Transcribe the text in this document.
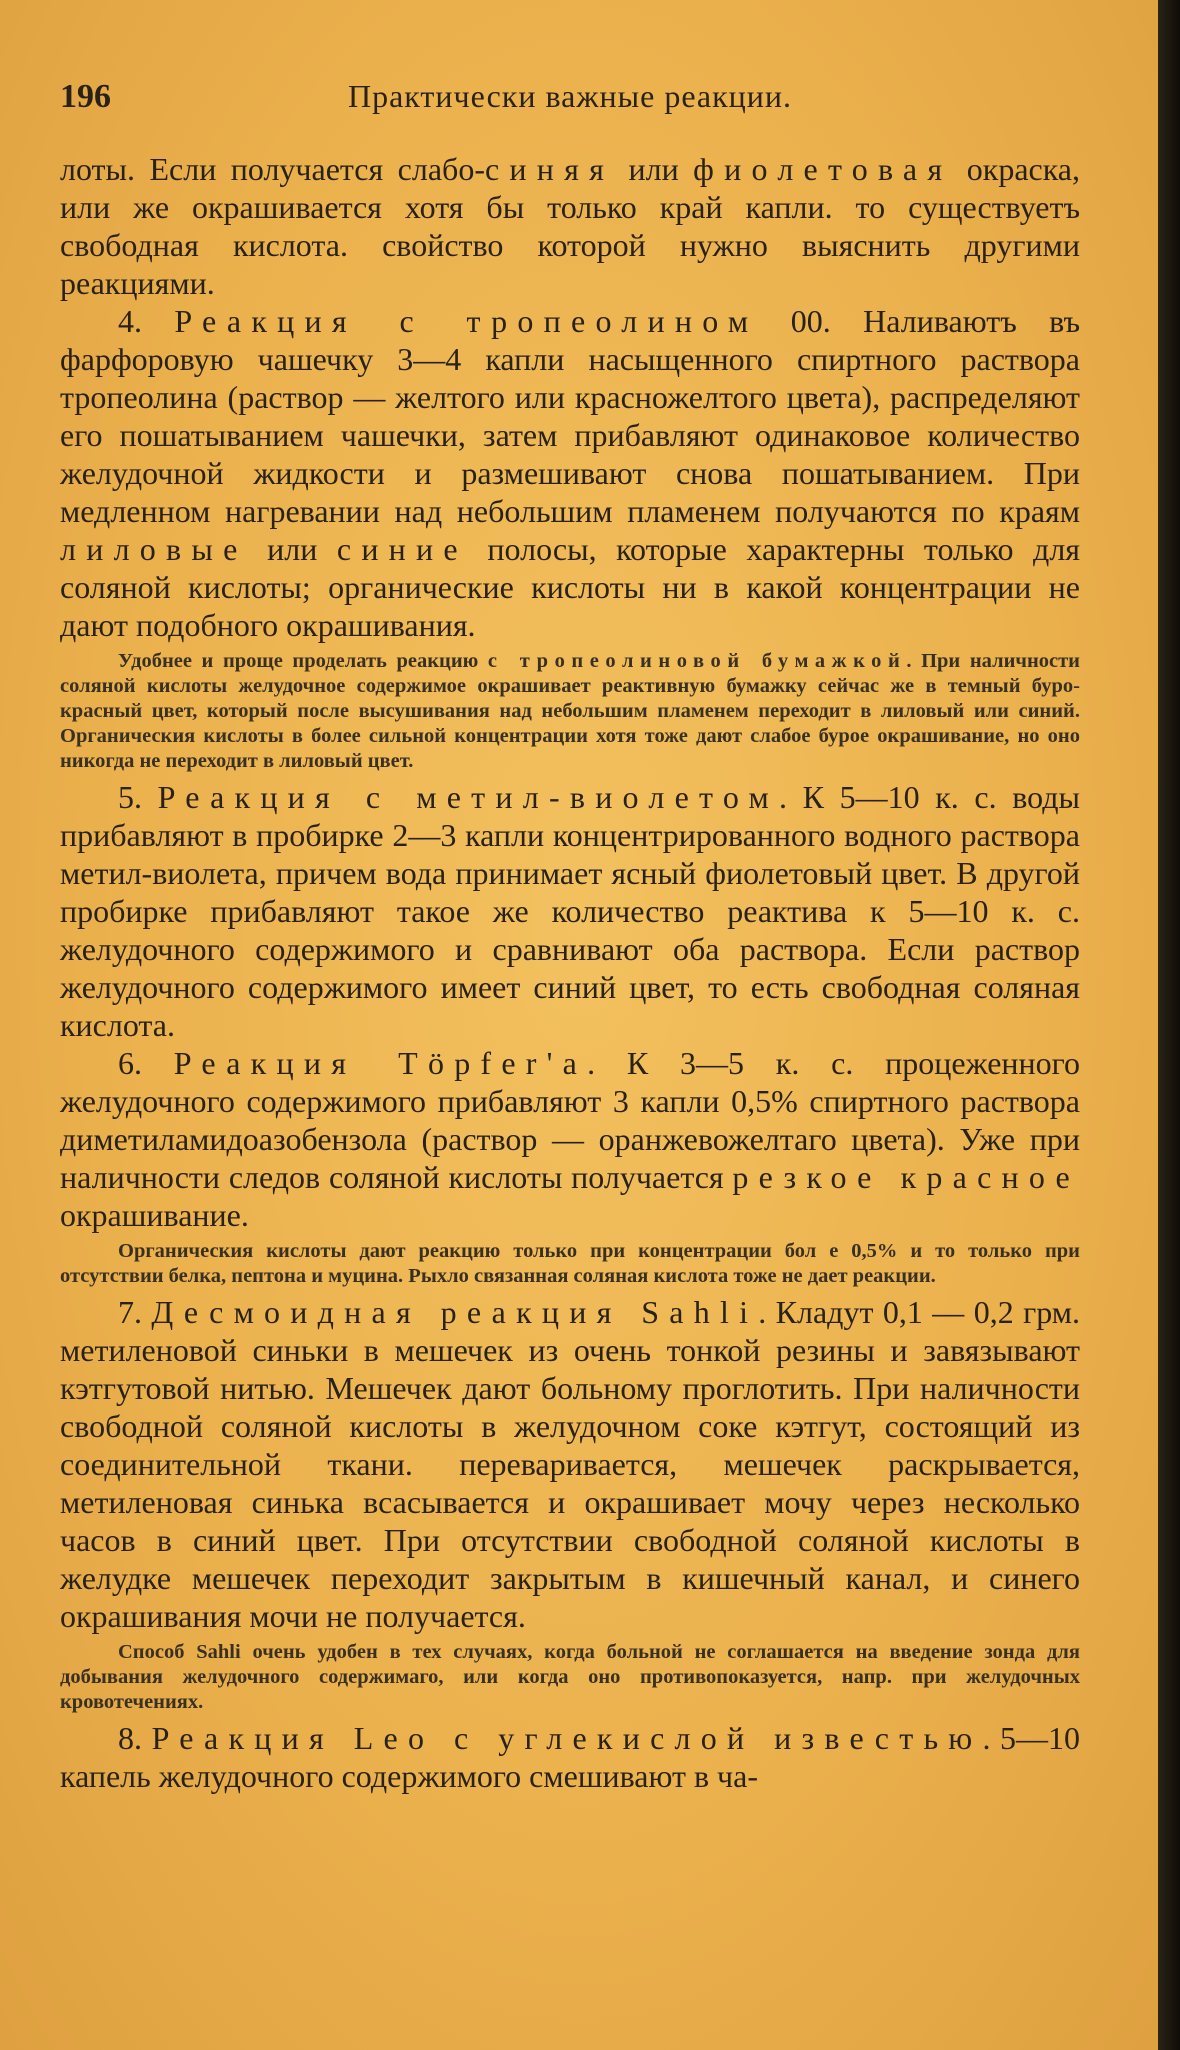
196	Практически важные реакции.

лоты. Если получается слабо-синяя или фиолетовая окраска, или же окрашивается хотя бы только край капли. то существуетъ свободная кислота. свойство которой нужно выяснить другими реакциями.

4. Реакция с тропеолином 00. Наливаютъ въ фарфоровую чашечку 3—4 капли насыщенного спиртного раствора тропеолина (раствор — желтого или красножелтого цвета), распределяют его пошатыванием чашечки, затем прибавляют одинаковое количество желудочной жидкости и размешивают снова пошатыванием. При медленном нагревании над небольшим пламенем получаются по краям лиловые или синие полосы, которые характерны только для соляной кислоты; органические кислоты ни в какой концентрации не дают подобного окрашивания.

Удобнее и проще проделать реакцию с тропеолиновой бумажкой. При наличности соляной кислоты желудочное содержимое окрашивает реактивную бумажку сейчас же в темный буро-красный цвет, который после высушивания над небольшим пламенем переходит в лиловый или синий. Органическия кислоты в более сильной концентрации хотя тоже дают слабое бурое окрашивание, но оно никогда не переходит в лиловый цвет.

5. Реакция с метил-виолетом. К 5—10 к. с. воды прибавляют в пробирке 2—3 капли концентрированного водного раствора метил-виолета, причем вода принимает ясный фиолетовый цвет. В другой пробирке прибавляют такое же количество реактива к 5—10 к. с. желудочного содержимого и сравнивают оба раствора. Если раствор желудочного содержимого имеет синий цвет, то есть свободная соляная кислота.

6. Реакция Töpfer'а. К 3—5 к. с. процеженного желудочного содержимого прибавляют 3 капли 0,5% спиртного раствора диметиламидоазобензола (раствор — оранжевожелтаго цвета). Уже при наличности следов соляной кислоты получается резкое красное окрашивание.

Органическия кислоты дают реакцию только при концентрации бол е 0,5% и то только при отсутствии белка, пептона и муцина. Рыхло связанная соляная кислота тоже не дает реакции.

7. Десмоидная реакция Sahli. Кладут 0,1 — 0,2 грм. метиленовой синьки в мешечек из очень тонкой резины и завязывают кэтгутовой нитью. Мешечек дают больному проглотить. При наличности свободной соляной кислоты в желудочном соке кэтгут, состоящий из соединительной ткани. переваривается, мешечек раскрывается, метиленовая синька всасывается и окрашивает мочу через несколько часов в синий цвет. При отсутствии свободной соляной кислоты в желудке мешечек переходит закрытым в кишечный канал, и синего окрашивания мочи не получается.

Способ Sahli очень удобен в тех случаях, когда больной не соглашается на введение зонда для добывания желудочного содержимаго, или когда оно противопоказуется, напр. при желудочных кровотечениях.

8. Реакция Leo с углекислой известью. 5—10 капель желудочного содержимого смешивают в ча-
